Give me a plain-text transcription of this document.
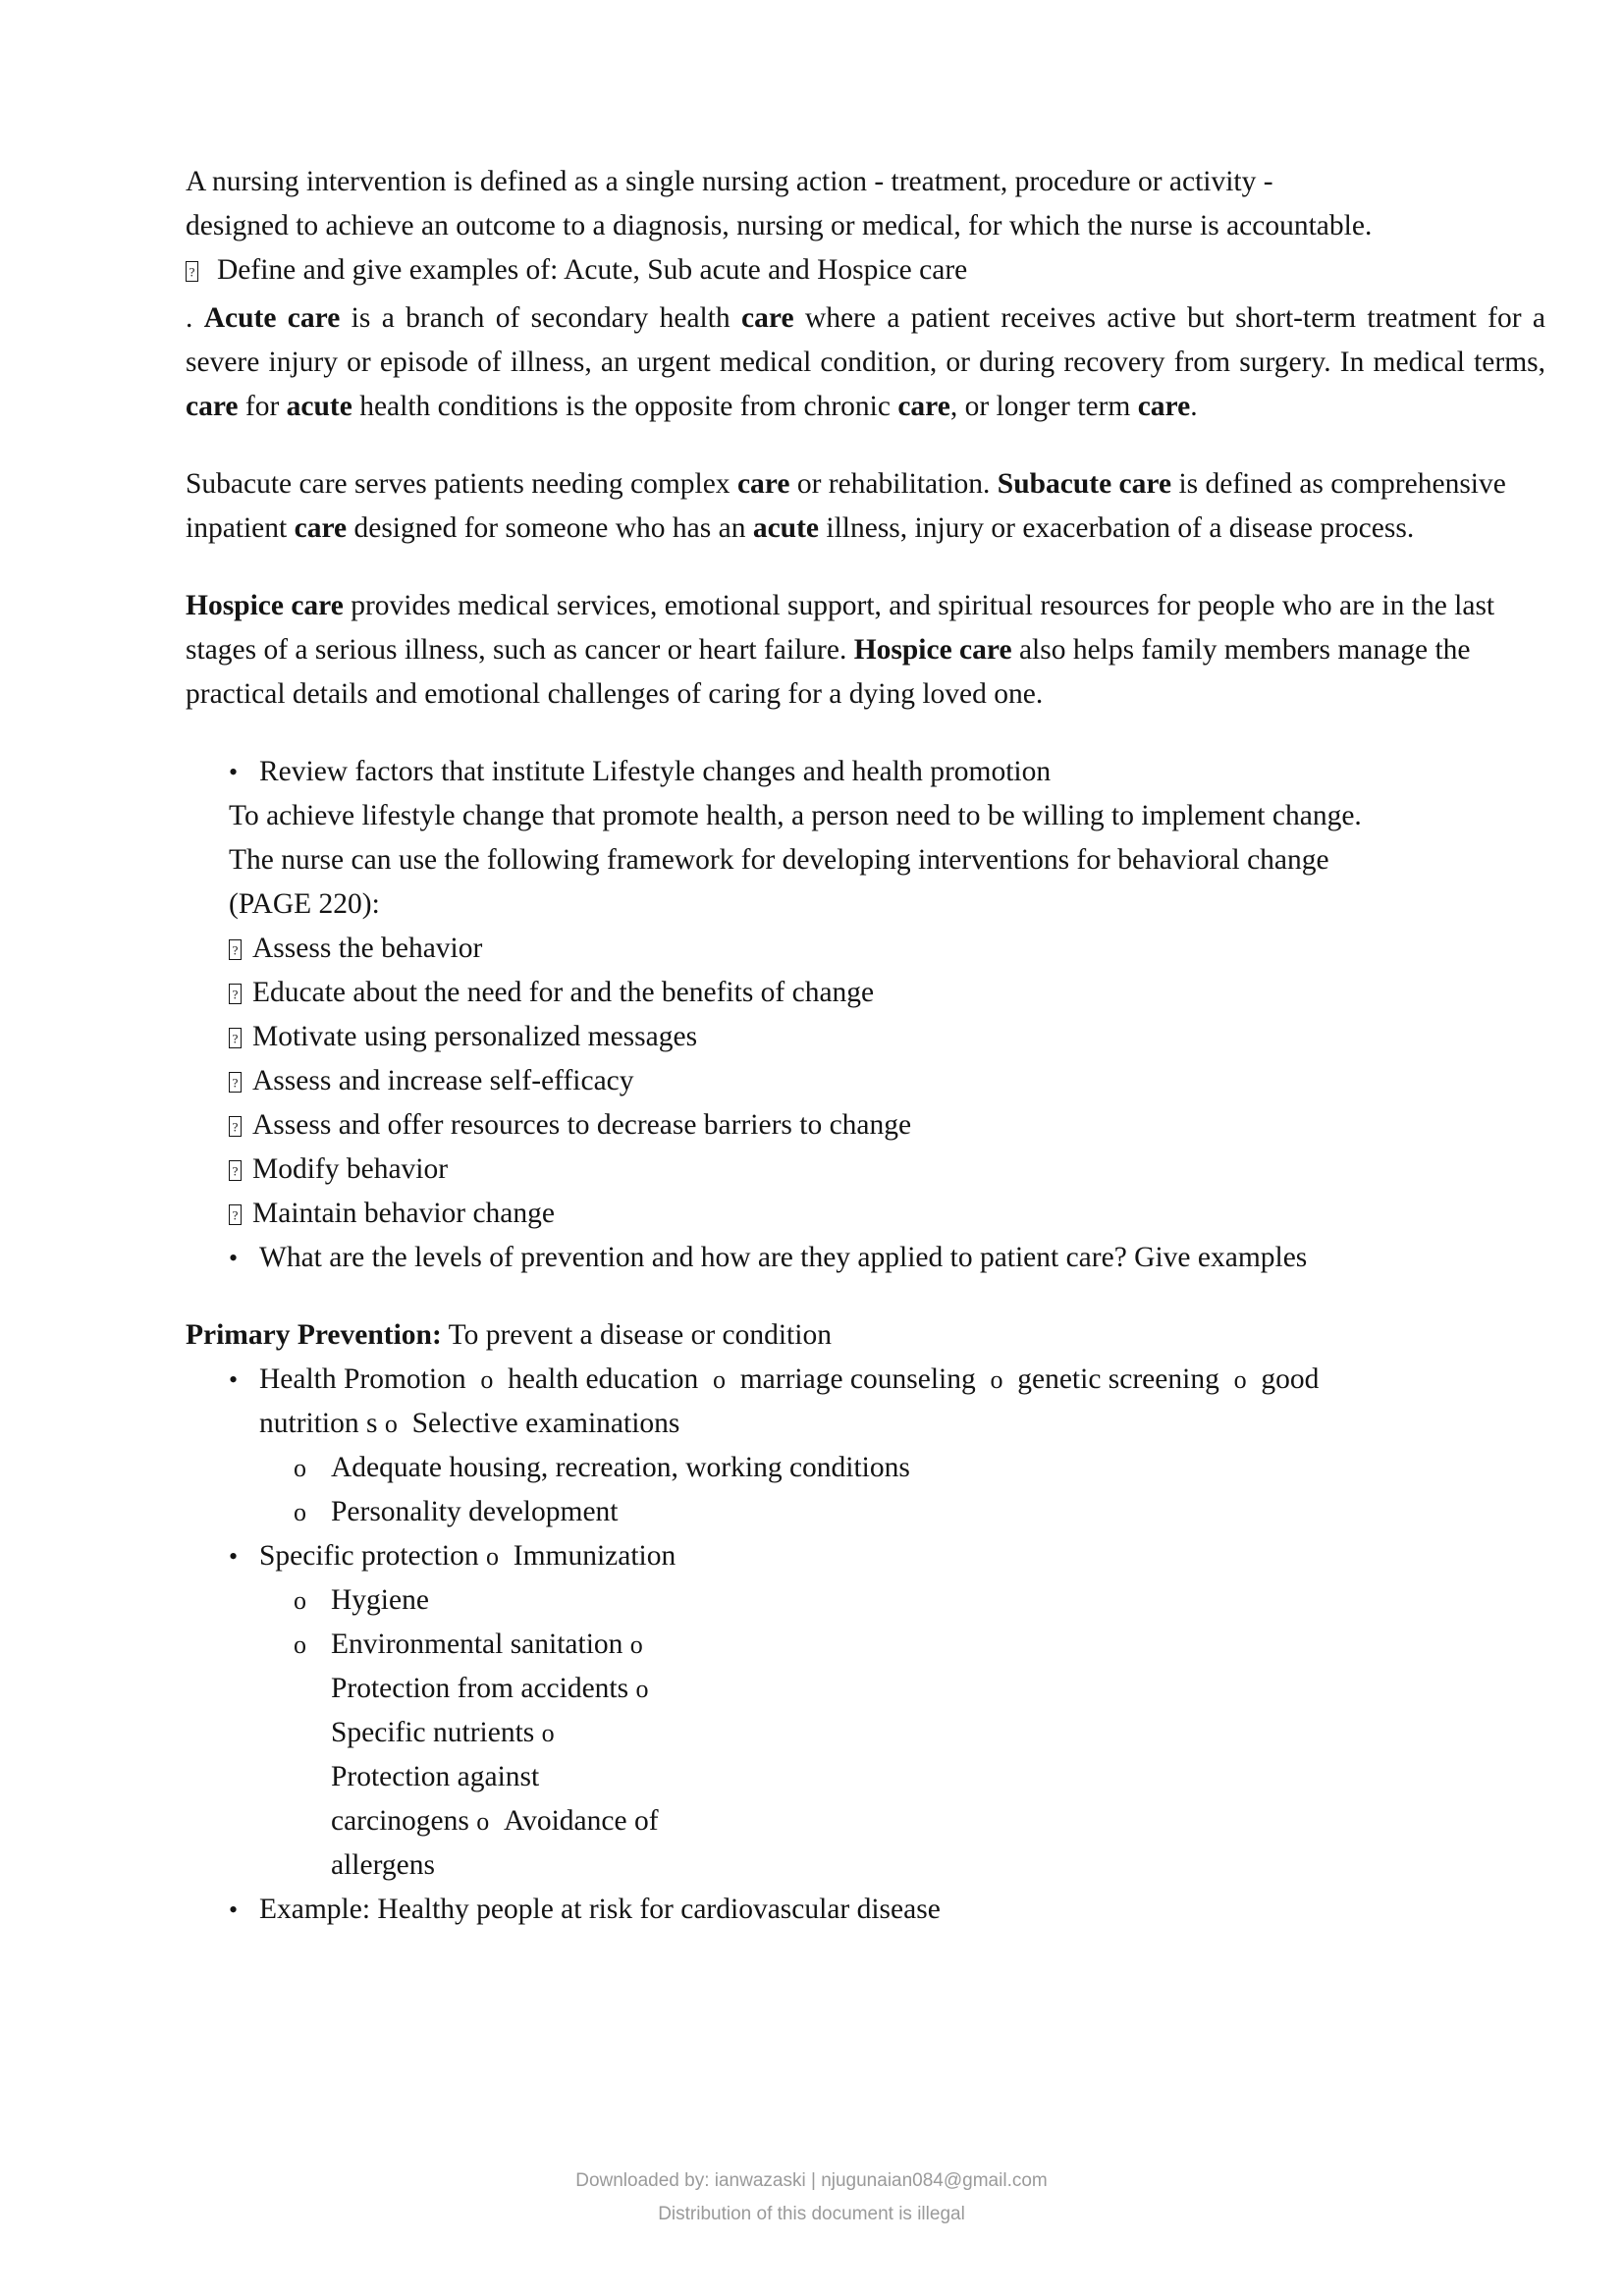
A nursing intervention is defined as a single nursing action - treatment, procedure or activity -

designed to achieve an outcome to a diagnosis, nursing or medical, for which the nurse is accountable.

?
Define and give examples of: Acute, Sub acute and Hospice care

. Acute care is a branch of secondary health care where a patient receives active but short-term treatment for a severe injury or episode of illness, an urgent medical condition, or during recovery from surgery. In medical terms, care for acute health conditions is the opposite from chronic care, or longer term care.

Subacute care serves patients needing complex care or rehabilitation. Subacute care is defined as comprehensive inpatient care designed for someone who has an acute illness, injury or exacerbation of a disease process.

Hospice care provides medical services, emotional support, and spiritual resources for people who are in the last stages of a serious illness, such as cancer or heart failure. Hospice care also helps family members manage the practical details and emotional challenges of caring for a dying loved one.

• Review factors that institute Lifestyle changes and health promotion
To achieve lifestyle change that promote health, a person need to be willing to implement change.
The nurse can use the following framework for developing interventions for behavioral change
(PAGE 220):
?
Assess the behavior
?
Educate about the need for and the benefits of change
?
Motivate using personalized messages
?
Assess and increase self-efficacy
?
Assess and offer resources to decrease barriers to change
?
Modify behavior
?
Maintain behavior change
• What are the levels of prevention and how are they applied to patient care? Give examples
Primary Prevention: To prevent a disease or condition
• Health Promotion o health education o marriage counseling o genetic screening o good
nutrition s o Selective examinations
o Adequate housing, recreation, working conditions
o Personality development
• Specific protection o Immunization
o Hygiene
o Environmental sanitation o
Protection from accidents o
Specific nutrients o
Protection against
carcinogens o Avoidance of
allergens
• Example: Healthy people at risk for cardiovascular disease
Downloaded by: ianwazaski | njugunaian084@gmail.com
Distribution of this document is illegal
